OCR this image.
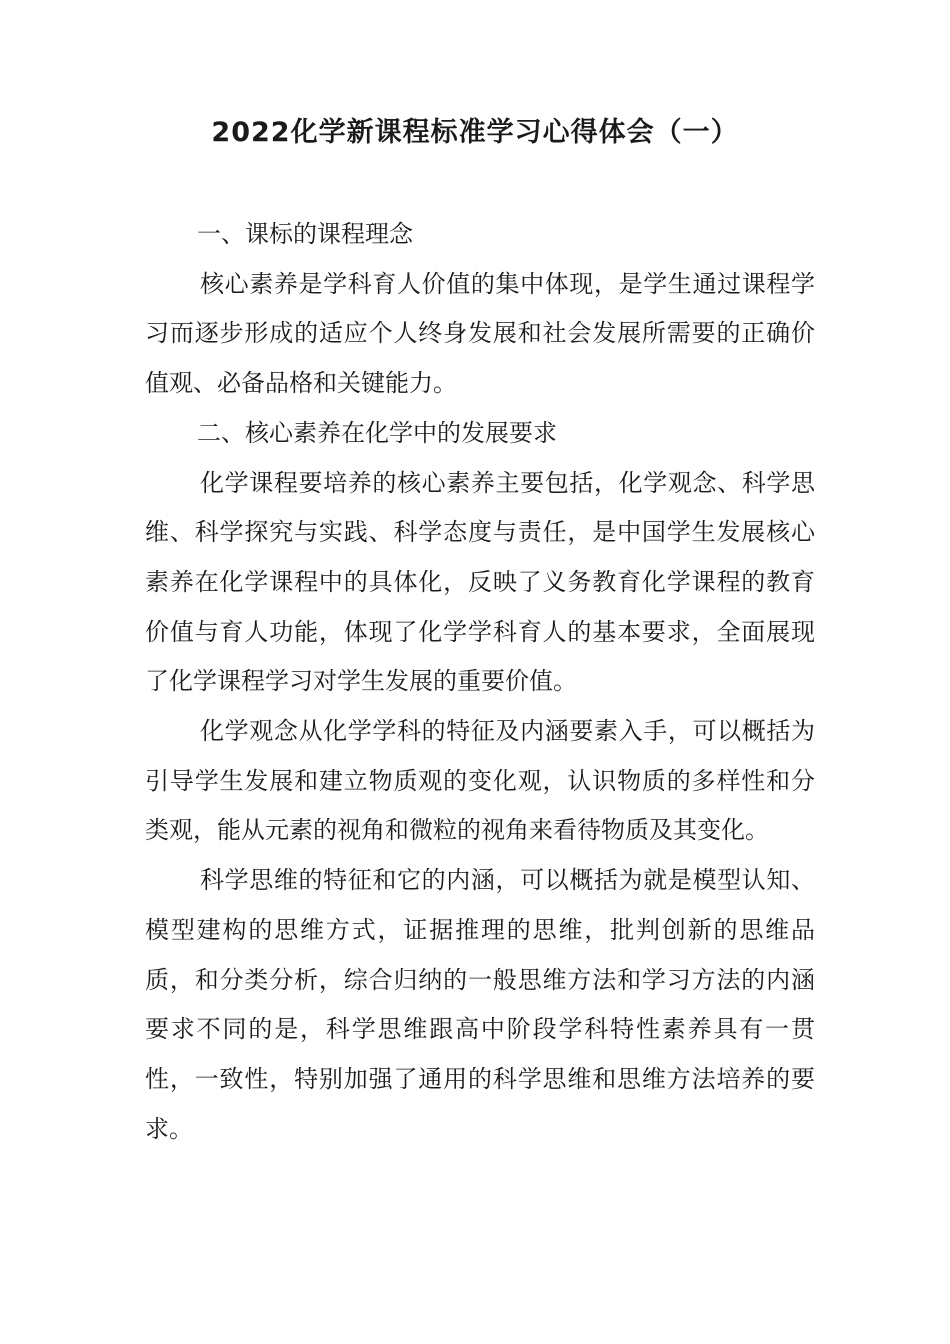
2022化学新课程标准学习心得体会（一）

一、课标的课程理念

核心素养是学科育人价值的集中体现，是学生通过课程学习而逐步形成的适应个人终身发展和社会发展所需要的正确价值观、必备品格和关键能力。

二、核心素养在化学中的发展要求

化学课程要培养的核心素养主要包括，化学观念、科学思维、科学探究与实践、科学态度与责任，是中国学生发展核心素养在化学课程中的具体化，反映了义务教育化学课程的教育价值与育人功能，体现了化学学科育人的基本要求，全面展现了化学课程学习对学生发展的重要价值。

化学观念从化学学科的特征及内涵要素入手，可以概括为引导学生发展和建立物质观的变化观，认识物质的多样性和分类观，能从元素的视角和微粒的视角来看待物质及其变化。

科学思维的特征和它的内涵，可以概括为就是模型认知、模型建构的思维方式，证据推理的思维，批判创新的思维品质，和分类分析，综合归纳的一般思维方法和学习方法的内涵要求不同的是，科学思维跟高中阶段学科特性素养具有一贯性，一致性，特别加强了通用的科学思维和思维方法培养的要求。
